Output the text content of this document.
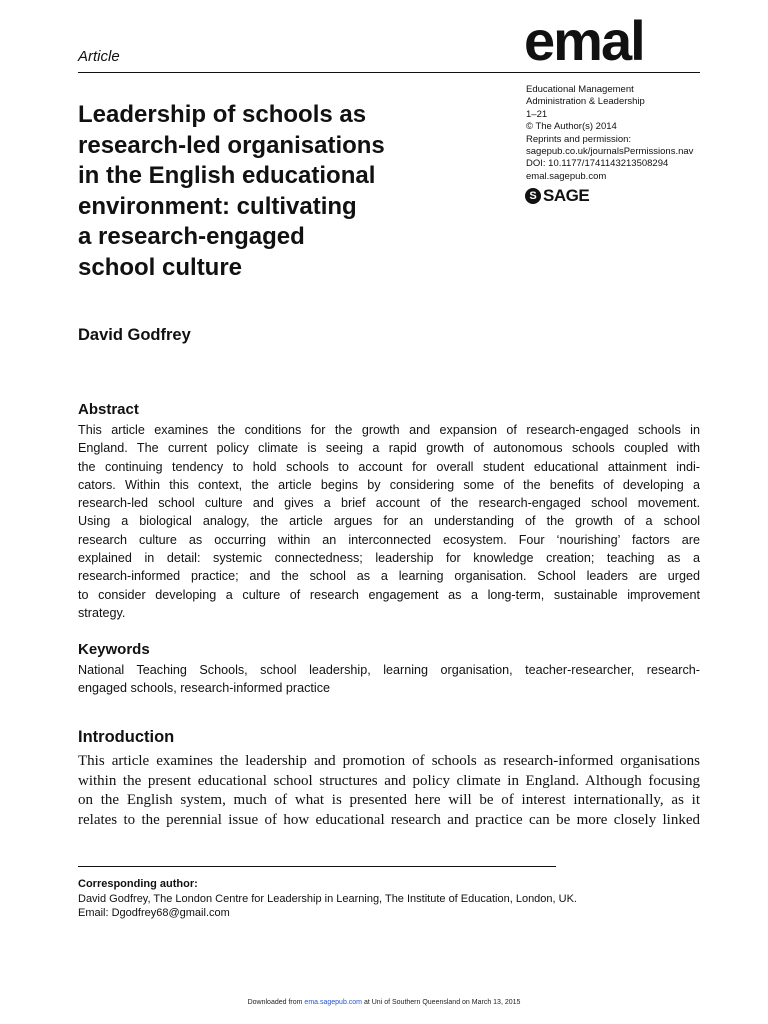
emal
Article
Educational Management
Administration & Leadership
1–21
© The Author(s) 2014
Reprints and permission:
sagepub.co.uk/journalsPermissions.nav
DOI: 10.1177/1741143213508294
emal.sagepub.com
S SAGE
Leadership of schools as
research-led organisations
in the English educational
environment: cultivating
a research-engaged
school culture
David Godfrey
Abstract
This article examines the conditions for the growth and expansion of research-engaged schools in
England. The current policy climate is seeing a rapid growth of autonomous schools coupled with
the continuing tendency to hold schools to account for overall student educational attainment indi-
cators. Within this context, the article begins by considering some of the benefits of developing a
research-led school culture and gives a brief account of the research-engaged school movement.
Using a biological analogy, the article argues for an understanding of the growth of a school
research culture as occurring within an interconnected ecosystem. Four ‘nourishing’ factors are
explained in detail: systemic connectedness; leadership for knowledge creation; teaching as a
research-informed practice; and the school as a learning organisation. School leaders are urged
to consider developing a culture of research engagement as a long-term, sustainable improvement
strategy.
Keywords
National Teaching Schools, school leadership, learning organisation, teacher-researcher, research-
engaged schools, research-informed practice
Introduction
This article examines the leadership and promotion of schools as research-informed organisations
within the present educational school structures and policy climate in England. Although focusing
on the English system, much of what is presented here will be of interest internationally, as it
relates to the perennial issue of how educational research and practice can be more closely linked
Corresponding author:
David Godfrey, The London Centre for Leadership in Learning, The Institute of Education, London, UK.
Email: Dgodfrey68@gmail.com
Downloaded from ema.sagepub.com at Uni of Southern Queensland on March 13, 2015
